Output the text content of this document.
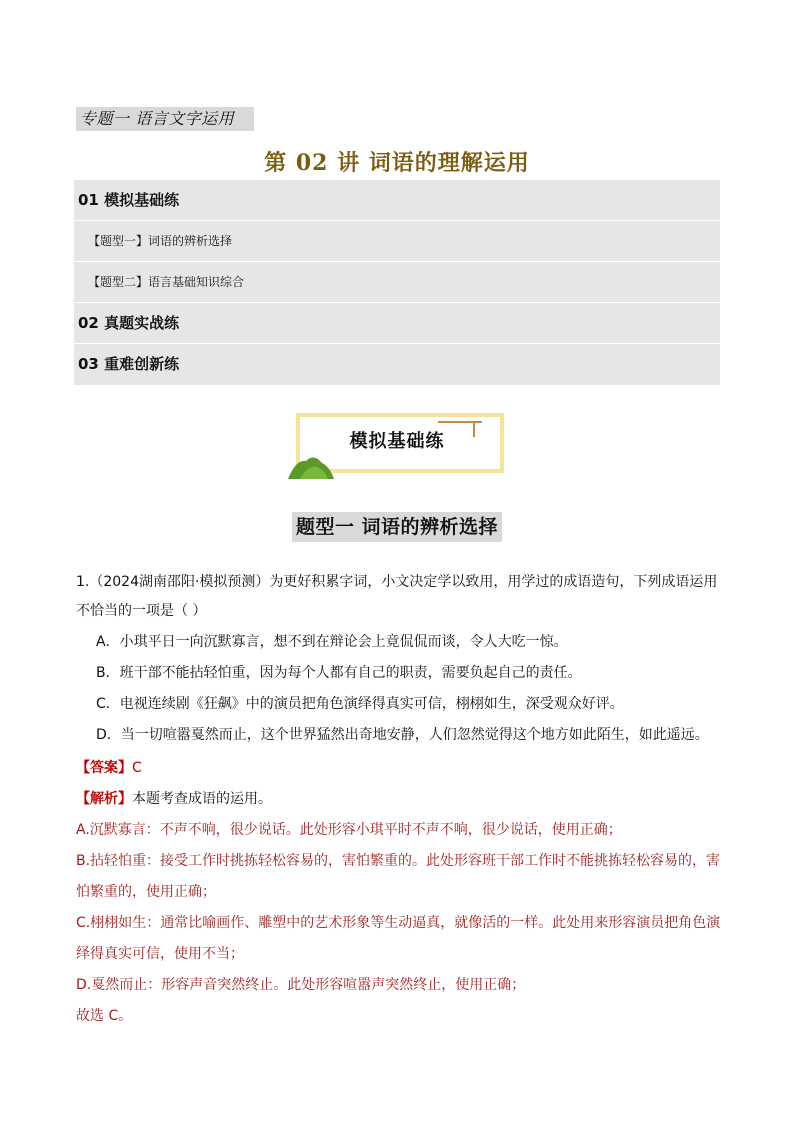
专题一 语言文字运用
第 02 讲 词语的理解运用
01 模拟基础练
【题型一】词语的辨析选择
【题型二】语言基础知识综合
02 真题实战练
03 重难创新练
模拟基础练
题型一 词语的辨析选择
1.（2024湖南邵阳·模拟预测）为更好积累字词，小文决定学以致用，用学过的成语造句，下列成语运用
不恰当的一项是（ ）
A．小琪平日一向沉默寡言，想不到在辩论会上竟侃侃而谈，令人大吃一惊。
B．班干部不能拈轻怕重，因为每个人都有自己的职责，需要负起自己的责任。
C．电视连续剧《狂飙》中的演员把角色演绎得真实可信，栩栩如生，深受观众好评。
D．当一切喧嚣戛然而止，这个世界猛然出奇地安静，人们忽然觉得这个地方如此陌生，如此遥远。
【答案】C
【解析】本题考查成语的运用。
A.沉默寡言：不声不响，很少说话。此处形容小琪平时不声不响，很少说话，使用正确；
B.拈轻怕重：接受工作时挑拣轻松容易的，害怕繁重的。此处形容班干部工作时不能挑拣轻松容易的，害
怕繁重的，使用正确；
C.栩栩如生：通常比喻画作、雕塑中的艺术形象等生动逼真，就像活的一样。此处用来形容演员把角色演
绎得真实可信，使用不当；
D.戛然而止：形容声音突然终止。此处形容喧嚣声突然终止，使用正确；
故选 C。
